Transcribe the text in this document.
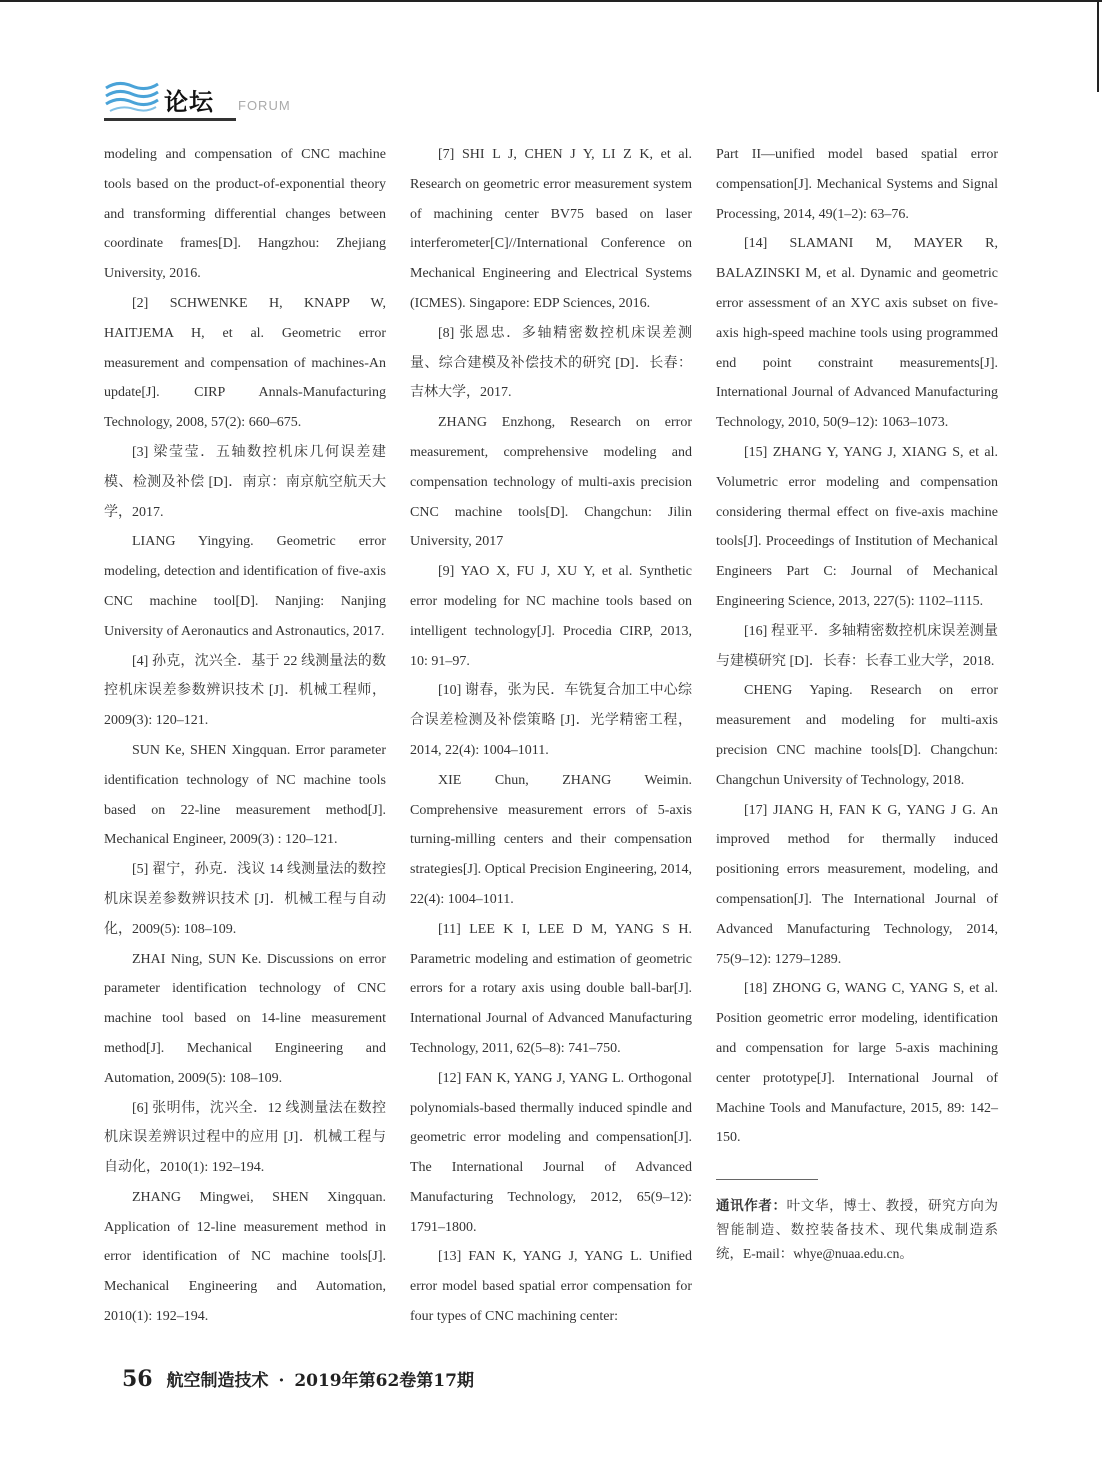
论坛 FORUM

modeling and compensation of CNC machine tools based on the product-of-exponential theory and transforming differential changes between coordinate frames[D]. Hangzhou: Zhejiang University, 2016.

[2] SCHWENKE H, KNAPP W, HAITJEMA H, et al. Geometric error measurement and compensation of machines-An update[J]. CIRP Annals-Manufacturing Technology, 2008, 57(2): 660–675.

[3] 梁莹莹．五轴数控机床几何误差建模、检测及补偿 [D]．南京：南京航空航天大学，2017.

LIANG Yingying. Geometric error modeling, detection and identification of five-axis CNC machine tool[D]. Nanjing: Nanjing University of Aeronautics and Astronautics, 2017.

[4] 孙克，沈兴全．基于 22 线测量法的数控机床误差参数辨识技术 [J]．机械工程师，2009(3): 120–121.

SUN Ke, SHEN Xingquan. Error parameter identification technology of NC machine tools based on 22-line measurement method[J]. Mechanical Engineer, 2009(3) : 120–121.

[5] 翟宁，孙克．浅议 14 线测量法的数控机床误差参数辨识技术 [J]．机械工程与自动化，2009(5): 108–109.

ZHAI Ning, SUN Ke. Discussions on error parameter identification technology of CNC machine tool based on 14-line measurement method[J]. Mechanical Engineering and Automation, 2009(5): 108–109.

[6] 张明伟，沈兴全．12 线测量法在数控机床误差辨识过程中的应用 [J]．机械工程与自动化，2010(1): 192–194.

ZHANG Mingwei, SHEN Xingquan. Application of 12-line measurement method in error identification of NC machine tools[J]. Mechanical Engineering and Automation, 2010(1): 192–194.

[7] SHI L J, CHEN J Y, LI Z K, et al. Research on geometric error measurement system of machining center BV75 based on laser interferometer[C]//International Conference on Mechanical Engineering and Electrical Systems (ICMES). Singapore: EDP Sciences, 2016.

[8] 张恩忠．多轴精密数控机床误差测量、综合建模及补偿技术的研究 [D]．长春：吉林大学，2017.

ZHANG Enzhong, Research on error measurement, comprehensive modeling and compensation technology of multi-axis precision CNC machine tools[D]. Changchun: Jilin University, 2017

[9] YAO X, FU J, XU Y, et al. Synthetic error modeling for NC machine tools based on intelligent technology[J]. Procedia CIRP, 2013, 10: 91–97.

[10] 谢春，张为民．车铣复合加工中心综合误差检测及补偿策略 [J]．光学精密工程，2014, 22(4): 1004–1011.

XIE Chun, ZHANG Weimin. Comprehensive measurement errors of 5-axis turning-milling centers and their compensation strategies[J]. Optical Precision Engineering, 2014, 22(4): 1004–1011.

[11] LEE K I, LEE D M, YANG S H. Parametric modeling and estimation of geometric errors for a rotary axis using double ball-bar[J]. International Journal of Advanced Manufacturing Technology, 2011, 62(5–8): 741–750.

[12] FAN K, YANG J, YANG L. Orthogonal polynomials-based thermally induced spindle and geometric error modeling and compensation[J]. The International Journal of Advanced Manufacturing Technology, 2012, 65(9–12): 1791–1800.

[13] FAN K, YANG J, YANG L. Unified error model based spatial error compensation for four types of CNC machining center:

Part II—unified model based spatial error compensation[J]. Mechanical Systems and Signal Processing, 2014, 49(1–2): 63–76.

[14] SLAMANI M, MAYER R, BALAZINSKI M, et al. Dynamic and geometric error assessment of an XYC axis subset on five-axis high-speed machine tools using programmed end point constraint measurements[J]. International Journal of Advanced Manufacturing Technology, 2010, 50(9–12): 1063–1073.

[15] ZHANG Y, YANG J, XIANG S, et al. Volumetric error modeling and compensation considering thermal effect on five-axis machine tools[J]. Proceedings of Institution of Mechanical Engineers Part C: Journal of Mechanical Engineering Science, 2013, 227(5): 1102–1115.

[16] 程亚平．多轴精密数控机床误差测量与建模研究 [D]．长春：长春工业大学，2018.

CHENG Yaping. Research on error measurement and modeling for multi-axis precision CNC machine tools[D]. Changchun: Changchun University of Technology, 2018.

[17] JIANG H, FAN K G, YANG J G. An improved method for thermally induced positioning errors measurement, modeling, and compensation[J]. The International Journal of Advanced Manufacturing Technology, 2014, 75(9–12): 1279–1289.

[18] ZHONG G, WANG C, YANG S, et al. Position geometric error modeling, identification and compensation for large 5-axis machining center prototype[J]. International Journal of Machine Tools and Manufacture, 2015, 89: 142–150.

通讯作者：叶文华，博士、教授，研究方向为智能制造、数控装备技术、现代集成制造系统，E-mail：whye@nuaa.edu.cn。

56 航空制造技术 · 2019年第62卷第17期
